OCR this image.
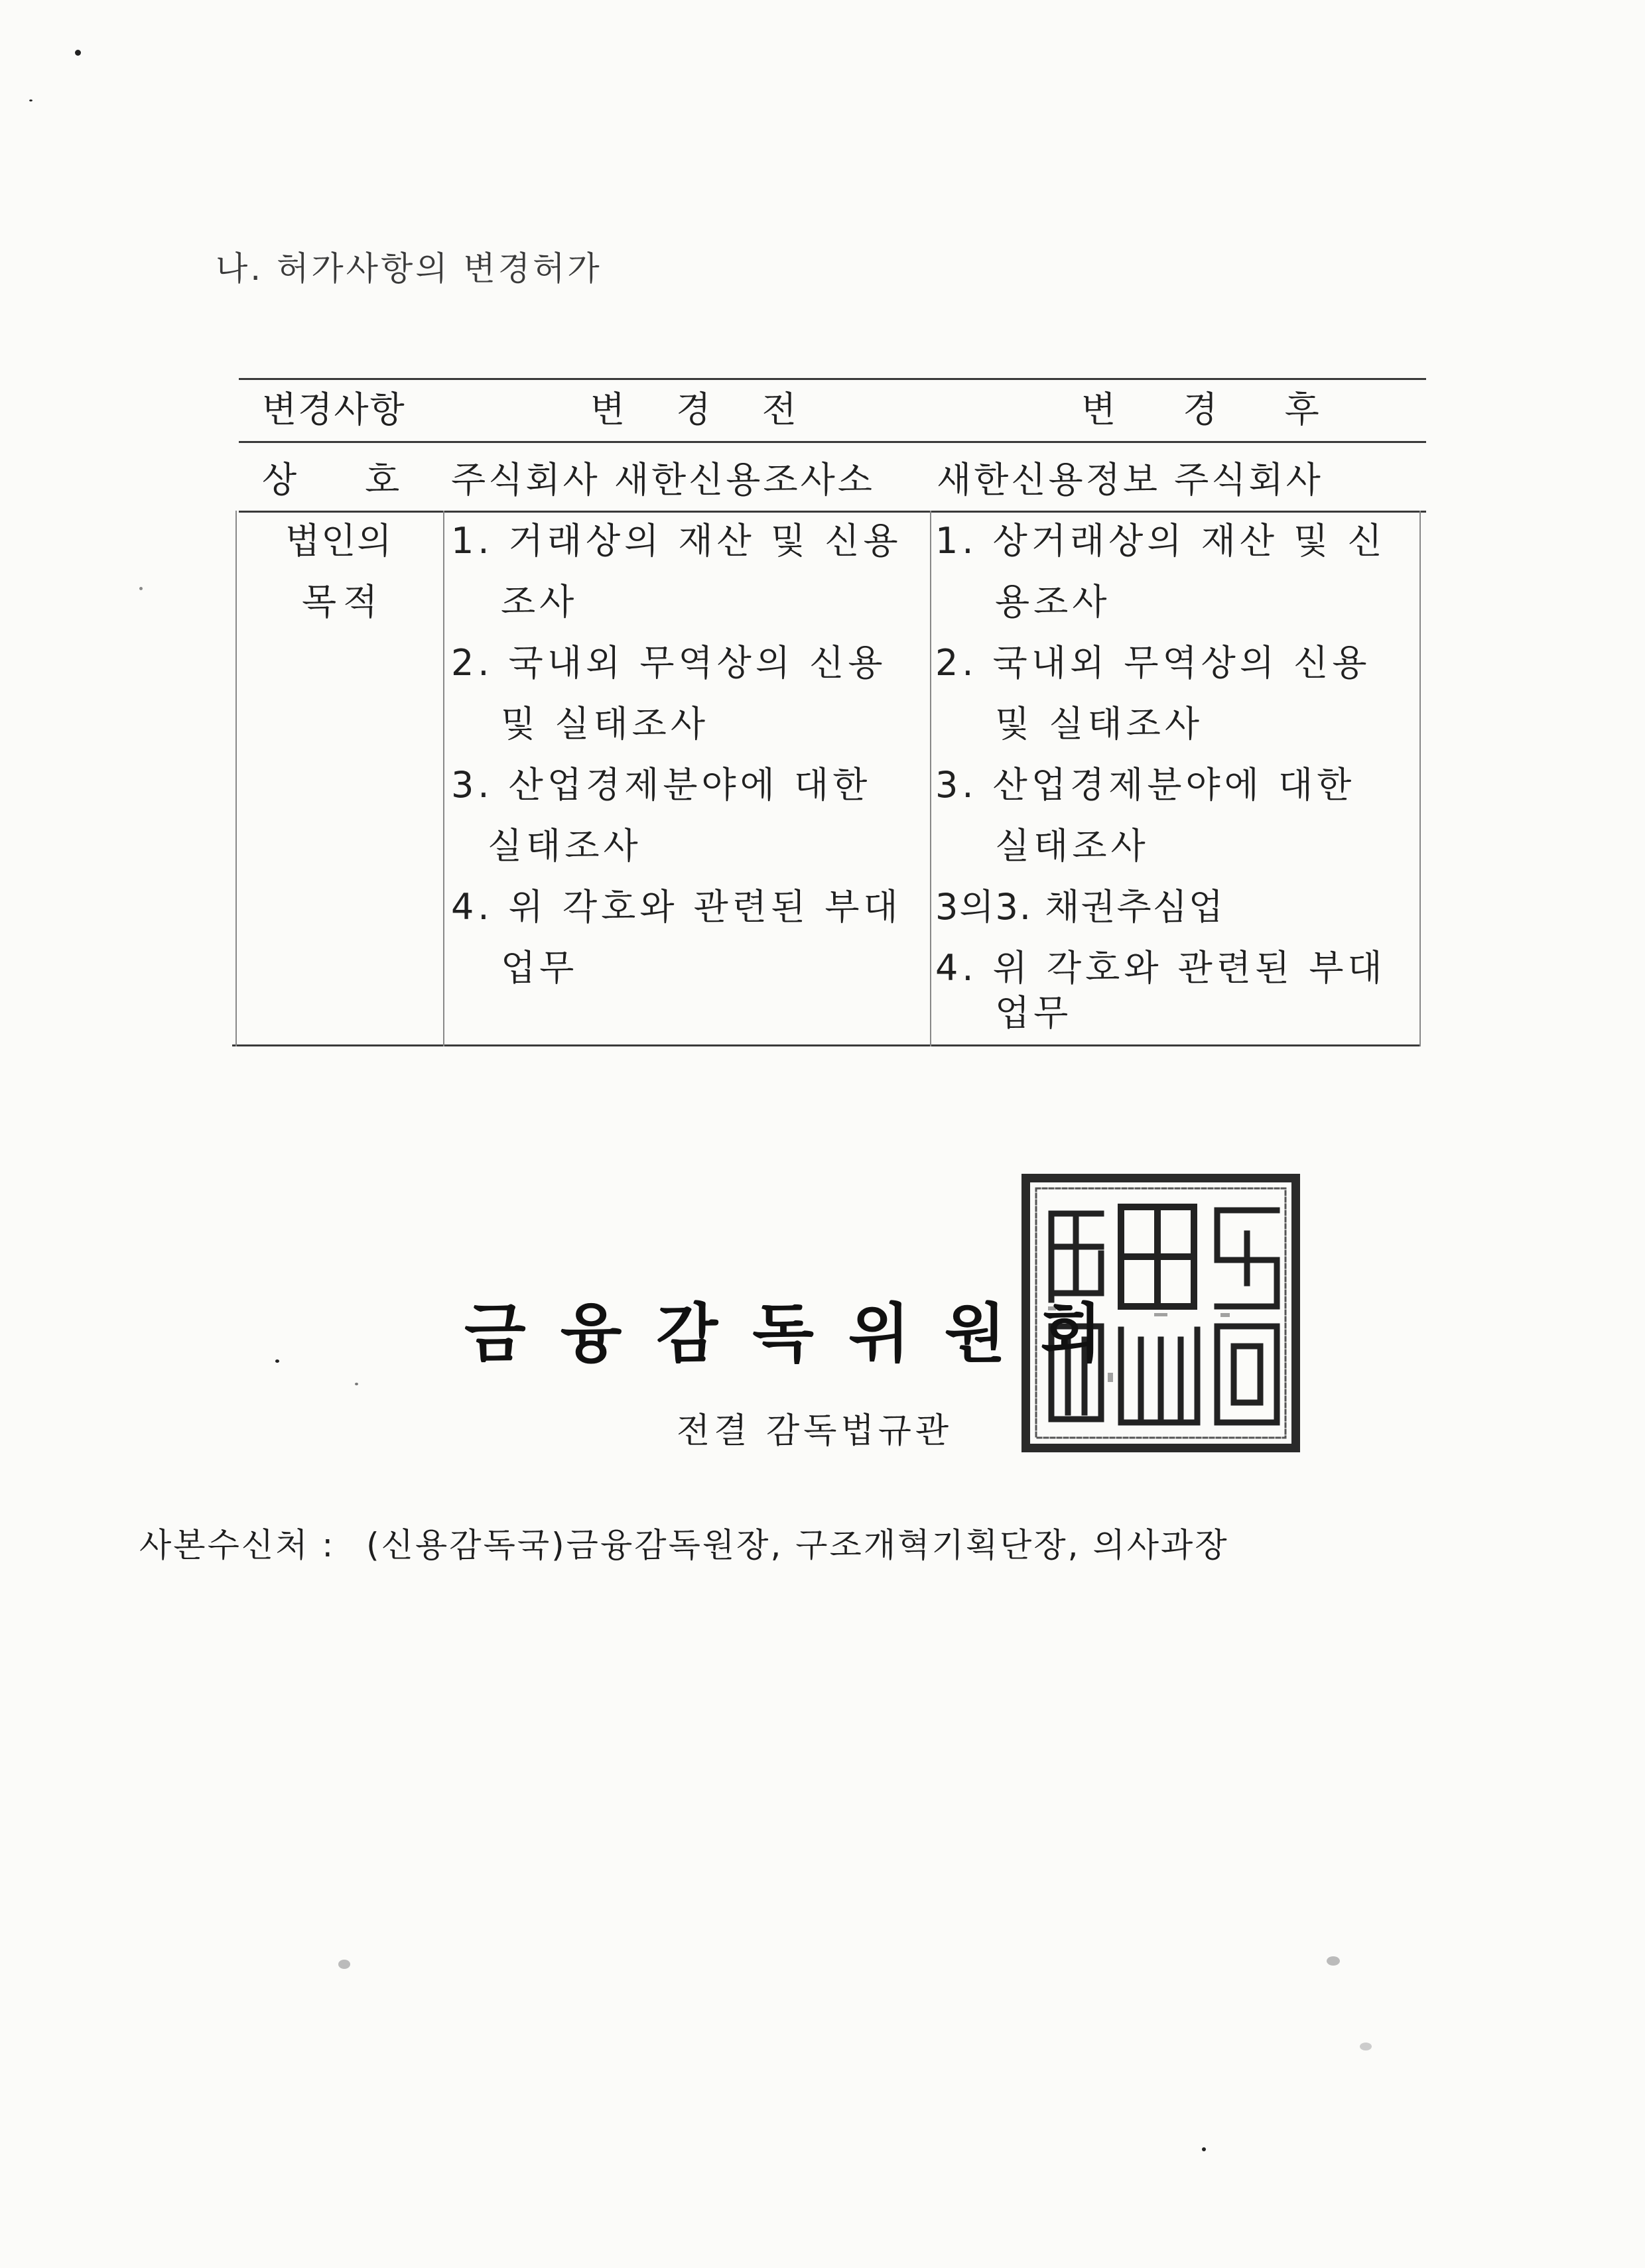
나. 허가사항의 변경허가
변경사항	변 경 전	변 경 후
상      호 주식회사 새한신용조사소 새한신용정보 주식회사
법인의
목적
1. 거래상의 재산 및 신용
조사
2. 국내외 무역상의 신용
및 실태조사
3. 산업경제분야에 대한
실태조사
4. 위 각호와 관련된 부대
업무
1. 상거래상의 재산 및 신
용조사
2. 국내외 무역상의 신용
및 실태조사
3. 산업경제분야에 대한
실태조사
3의3. 채권추심업
4. 위 각호와 관련된 부대
업무
금융감독위원회
전결 감독법규관
사본수신처 : (신용감독국)금융감독원장, 구조개혁기획단장, 의사과장
